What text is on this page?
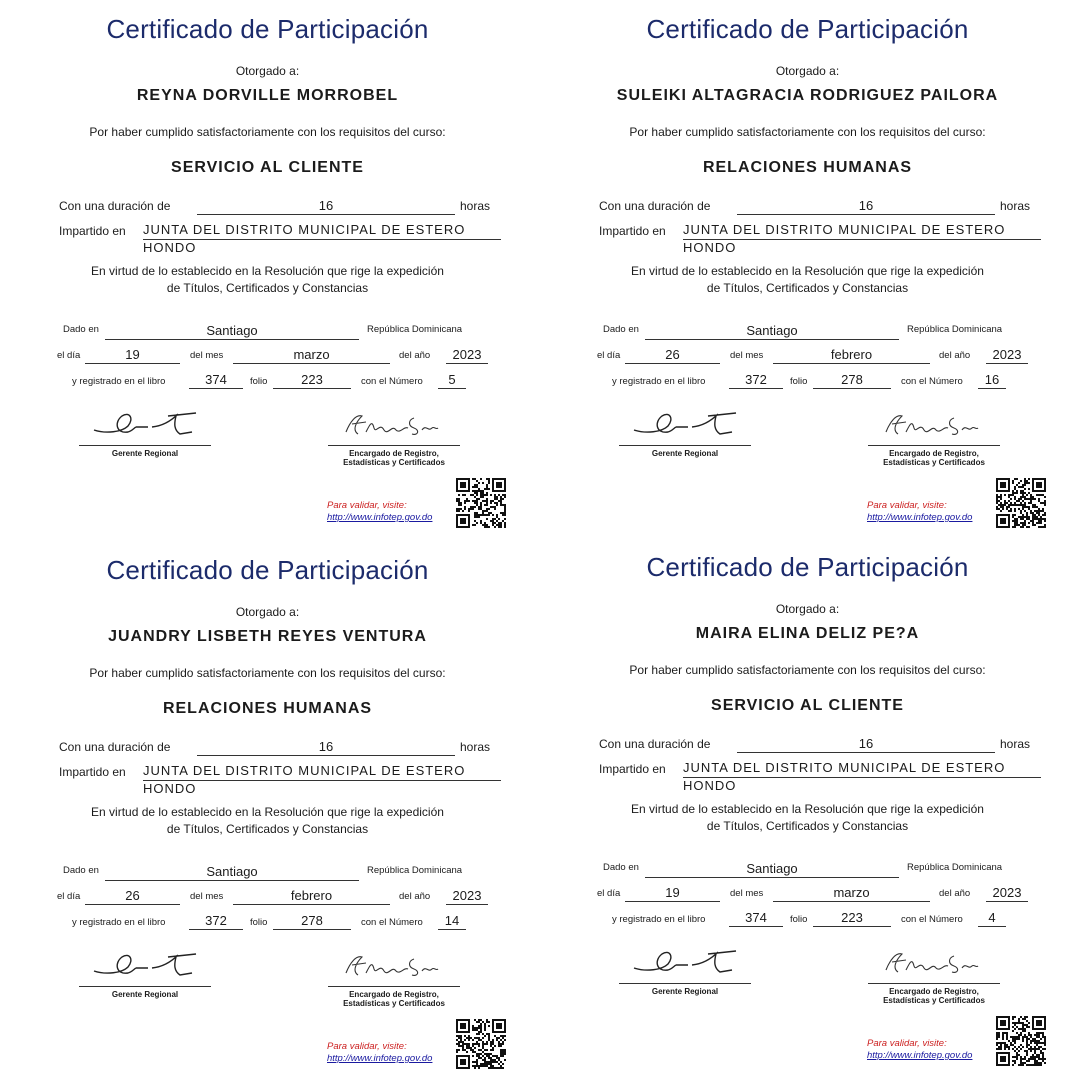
Certificado de Participación
Otorgado a:
REYNA DORVILLE MORROBEL
Por haber cumplido satisfactoriamente con los requisitos del curso:
SERVICIO AL CLIENTE
Con una duración de	16	horas
Impartido en JUNTA DEL DISTRITO MUNICIPAL DE ESTERO HONDO
En virtud de lo establecido en la Resolución que rige la expedición
de Títulos, Certificados y Constancias
Dado en	Santiago	República Dominicana
el día	19	del mes	marzo	del año	2023
y registrado en el libro	374	folio	223	con el Número	5
Gerente Regional	Encargado de Registro,
Estadísticas y Certificados
Para validar, visite:
http://www.infotep.gov.do
Certificado de Participación
Otorgado a:
SULEIKI ALTAGRACIA RODRIGUEZ PAILORA
Por haber cumplido satisfactoriamente con los requisitos del curso:
RELACIONES HUMANAS
Con una duración de	16	horas
Impartido en JUNTA DEL DISTRITO MUNICIPAL DE ESTERO HONDO
En virtud de lo establecido en la Resolución que rige la expedición
de Títulos, Certificados y Constancias
Dado en	Santiago	República Dominicana
el día	26	del mes	febrero	del año	2023
y registrado en el libro	372	folio	278	con el Número	16
Gerente Regional	Encargado de Registro,
Estadísticas y Certificados
Para validar, visite:
http://www.infotep.gov.do
Certificado de Participación
Otorgado a:
JUANDRY LISBETH REYES VENTURA
Por haber cumplido satisfactoriamente con los requisitos del curso:
RELACIONES HUMANAS
Con una duración de	16	horas
Impartido en JUNTA DEL DISTRITO MUNICIPAL DE ESTERO HONDO
En virtud de lo establecido en la Resolución que rige la expedición
de Títulos, Certificados y Constancias
Dado en	Santiago	República Dominicana
el día	26	del mes	febrero	del año	2023
y registrado en el libro	372	folio	278	con el Número	14
Gerente Regional	Encargado de Registro,
Estadísticas y Certificados
Para validar, visite:
http://www.infotep.gov.do
Certificado de Participación
Otorgado a:
MAIRA ELINA DELIZ PE?A
Por haber cumplido satisfactoriamente con los requisitos del curso:
SERVICIO AL CLIENTE
Con una duración de	16	horas
Impartido en JUNTA DEL DISTRITO MUNICIPAL DE ESTERO HONDO
En virtud de lo establecido en la Resolución que rige la expedición
de Títulos, Certificados y Constancias
Dado en	Santiago	República Dominicana
el día	19	del mes	marzo	del año	2023
y registrado en el libro	374	folio	223	con el Número	4
Gerente Regional	Encargado de Registro,
Estadísticas y Certificados
Para validar, visite:
http://www.infotep.gov.do
